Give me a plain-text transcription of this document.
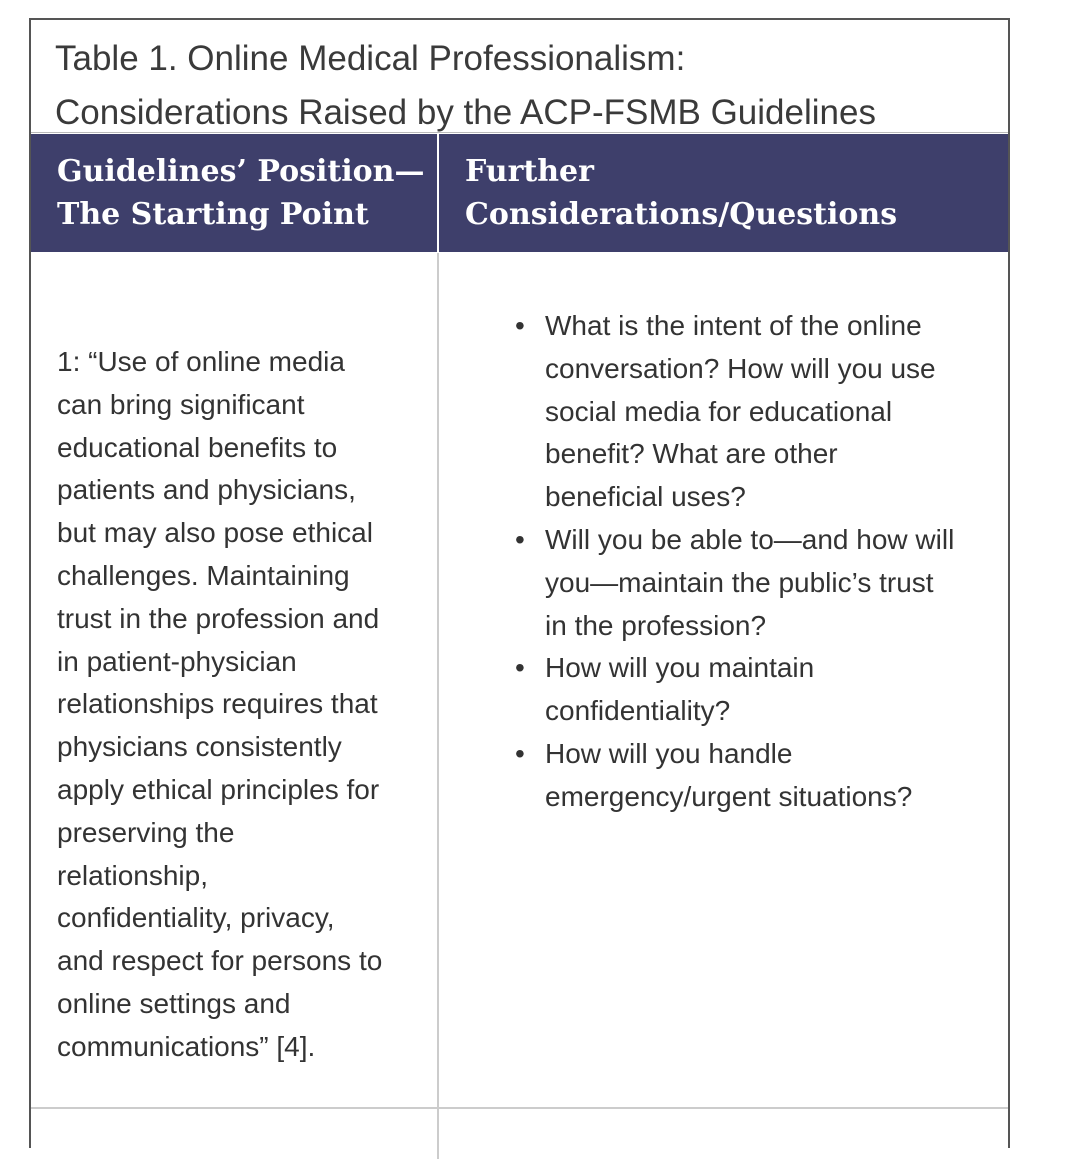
Table 1. Online Medical Professionalism:
Considerations Raised by the ACP-FSMB Guidelines
Guidelines’ Position—
The Starting Point
Further
Considerations/Questions
1: “Use of online media
can bring significant
educational benefits to
patients and physicians,
but may also pose ethical
challenges. Maintaining
trust in the profession and
in patient-physician
relationships requires that
physicians consistently
apply ethical principles for
preserving the
relationship,
confidentiality, privacy,
and respect for persons to
online settings and
communications” [4].
• What is the intent of the online
conversation? How will you use
social media for educational
benefit? What are other
beneficial uses?
• Will you be able to—and how will
you—maintain the public’s trust
in the profession?
• How will you maintain
confidentiality?
• How will you handle
emergency/urgent situations?
